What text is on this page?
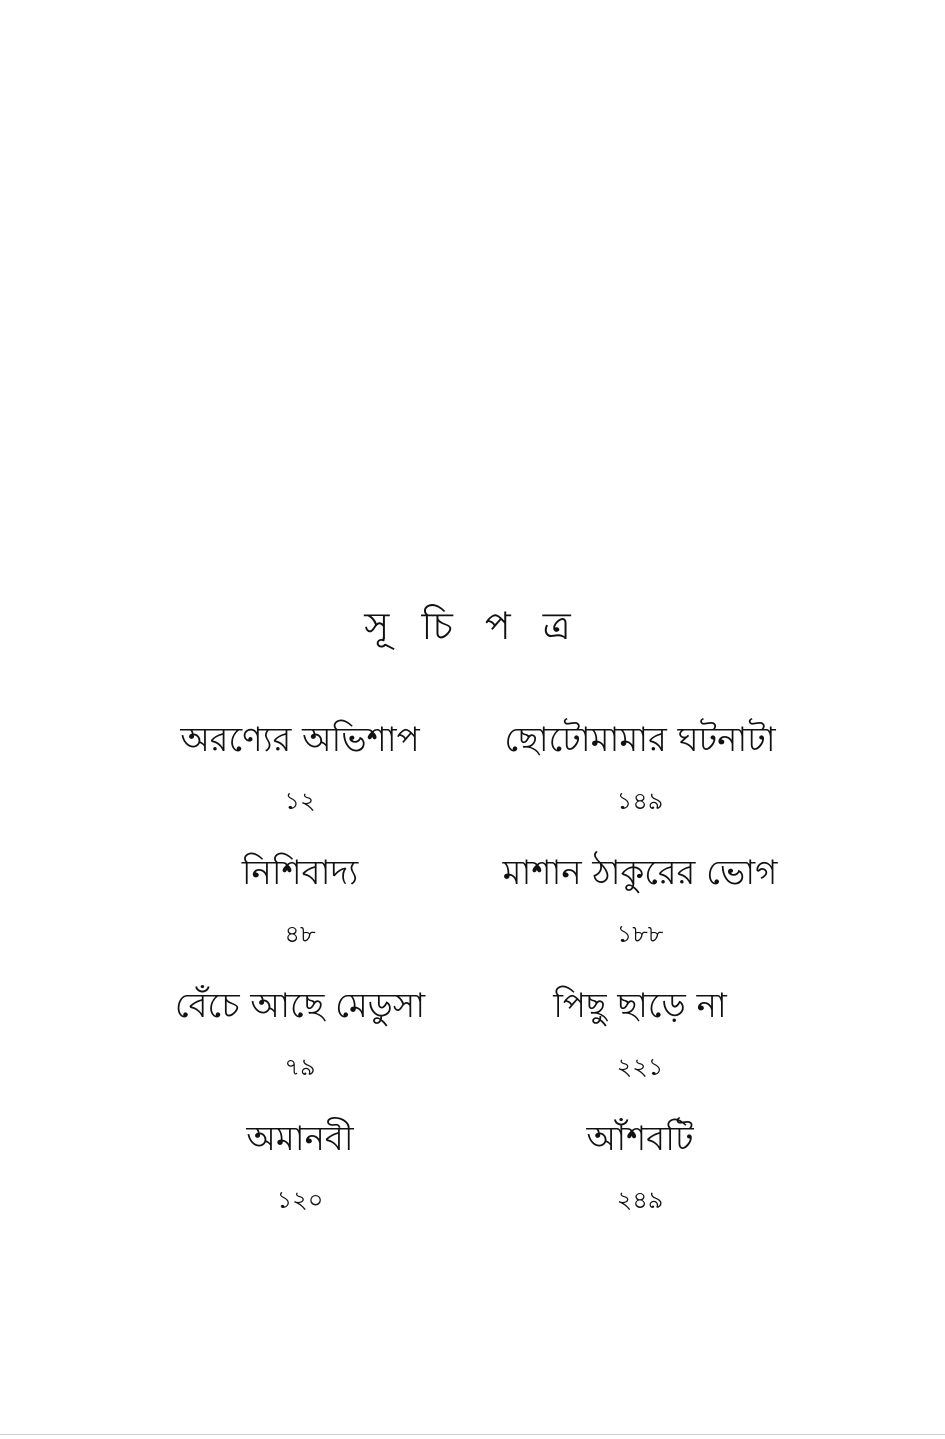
সূ চি প ত্র
অরণ্যের অভিশাপ
১২
নিশিবাদ্য
৪৮
বেঁচে আছে মেডুসা
৭৯
অমানবী
১২০
ছোটোমামার ঘটনাটা
১৪৯
মাশান ঠাকুরের ভোগ
১৮৮
পিছু ছাড়ে না
২২১
আঁশবটি
২৪৯
